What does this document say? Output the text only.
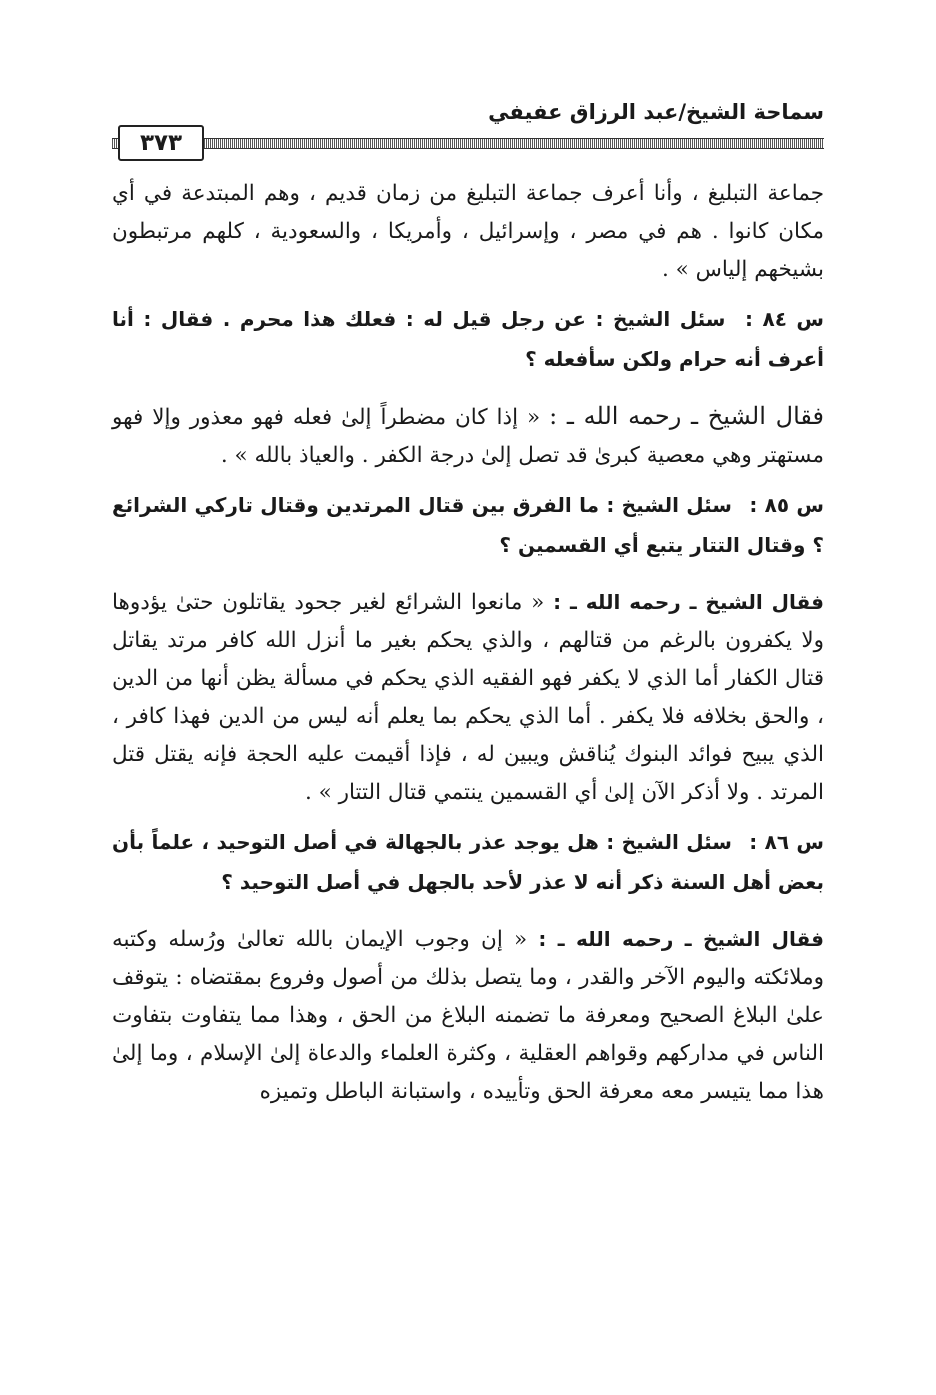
سماحة الشيخ/عبد الرزاق عفيفي
٣٧٣

جماعة التبليغ ، وأنا أعرف جماعة التبليغ من زمان قديم ، وهم المبتدعة في أي مكان كانوا . هم في مصر ، وإسرائيل ، وأمريكا ، والسعودية ، كلهم مرتبطون بشيخهم إلياس » .

س ٨٤ : سئل الشيخ : عن رجل قيل له : فعلك هذا محرم . فقال : أنا أعرف أنه حرام ولكن سأفعله ؟

فقال الشيخ ـ رحمه الله ـ : « إذا كان مضطراً إلىٰ فعله فهو معذور وإلا فهو مستهتر وهي معصية كبرىٰ قد تصل إلىٰ درجة الكفر . والعياذ بالله » .

س ٨٥ : سئل الشيخ : ما الفرق بين قتال المرتدين وقتال تاركي الشرائع ؟ وقتال التتار يتبع أي القسمين ؟

فقال الشيخ ـ رحمه الله ـ : « مانعوا الشرائع لغير جحود يقاتلون حتىٰ يؤدوها ولا يكفرون بالرغم من قتالهم ، والذي يحكم بغير ما أنزل الله كافر مرتد يقاتل قتال الكفار أما الذي لا يكفر فهو الفقيه الذي يحكم في مسألة يظن أنها من الدين ، والحق بخلافه فلا يكفر . أما الذي يحكم بما يعلم أنه ليس من الدين فهذا كافر ، الذي يبيح فوائد البنوك يُناقش ويبين له ، فإذا أقيمت عليه الحجة فإنه يقتل قتل المرتد . ولا أذكر الآن إلىٰ أي القسمين ينتمي قتال التتار » .

س ٨٦ : سئل الشيخ : هل يوجد عذر بالجهالة في أصل التوحيد ، علماً بأن بعض أهل السنة ذكر أنه لا عذر لأحد بالجهل في أصل التوحيد ؟

فقال الشيخ ـ رحمه الله ـ : « إن وجوب الإيمان بالله تعالىٰ ورُسله وكتبه وملائكته واليوم الآخر والقدر ، وما يتصل بذلك من أصول وفروع بمقتضاه : يتوقف علىٰ البلاغ الصحيح ومعرفة ما تضمنه البلاغ من الحق ، وهذا مما يتفاوت بتفاوت الناس في مداركهم وقواهم العقلية ، وكثرة العلماء والدعاة إلىٰ الإسلام ، وما إلىٰ هذا مما يتيسر معه معرفة الحق وتأييده ، واستبانة الباطل وتميزه
